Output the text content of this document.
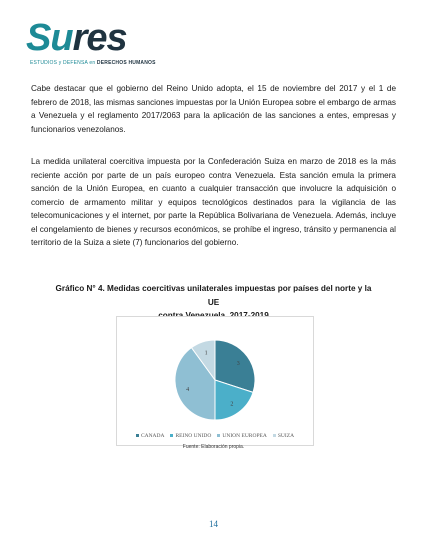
Sures
ESTUDIOS y DEFENSA en DERECHOS HUMANOS

Cabe destacar que el gobierno del Reino Unido adopta, el 15 de noviembre del 2017 y el 1 de febrero de 2018, las mismas sanciones impuestas por la Unión Europea sobre el embargo de armas a Venezuela y el reglamento 2017/2063 para la aplicación de las sanciones a entes, empresas y funcionarios venezolanos.

La medida unilateral coercitiva impuesta por la Confederación Suiza en marzo de 2018 es la más reciente acción por parte de un país europeo contra Venezuela. Esta sanción emula la primera sanción de la Unión Europea, en cuanto a cualquier transacción que involucre la adquisición o comercio de armamento militar y equipos tecnológicos destinados para la vigilancia de las telecomunicaciones y el internet, por parte la República Bolivariana de Venezuela. Además, incluye el congelamiento de bienes y recursos económicos, se prohíbe el ingreso, tránsito y permanencia al territorio de la Suiza a siete (7) funcionarios del gobierno.

Gráfico N° 4. Medidas coercitivas unilaterales impuestas por países del norte y la UE

3
2
4
1
CANADA REINO UNIDO UNION EUROPEA SUIZA

Fuente: Elaboración propia.

14
